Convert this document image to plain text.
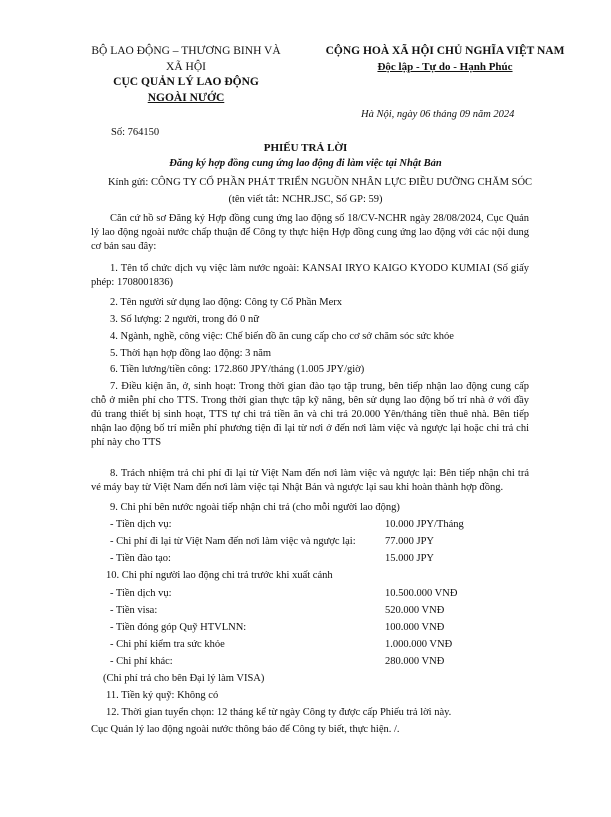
BỘ LAO ĐỘNG – THƯƠNG BINH VÀ
XÃ HỘI
CỤC QUẢN LÝ LAO ĐỘNG
NGOÀI NƯỚC
Số: 764150
CỘNG HOÀ XÃ HỘI CHỦ NGHĨA VIỆT NAM
Độc lập - Tự do - Hạnh Phúc
Hà Nội, ngày 06 tháng 09 năm 2024
PHIẾU TRẢ LỜI
Đăng ký hợp đồng cung ứng lao động đi làm việc tại Nhật Bản
Kính gửi: CÔNG TY CỔ PHẦN PHÁT TRIỂN NGUỒN NHÂN LỰC ĐIỀU DƯỠNG CHĂM SÓC
(tên viết tắt: NCHR.JSC, Số GP: 59)
Căn cứ hồ sơ Đăng ký Hợp đồng cung ứng lao động số 18/CV-NCHR ngày 28/08/2024, Cục Quản lý lao động ngoài nước chấp thuận để Công ty thực hiện Hợp đồng cung ứng lao động với các nội dung cơ bản sau đây:
1. Tên tổ chức dịch vụ việc làm nước ngoài: KANSAI IRYO KAIGO KYODO KUMIAI (Số giấy phép: 1708001836)
2. Tên người sử dụng lao động: Công ty Cổ Phần Merx
3. Số lượng: 2 người, trong đó 0 nữ
4. Ngành, nghề, công việc: Chế biến đồ ăn cung cấp cho cơ sở chăm sóc sức khỏe
5. Thời hạn hợp đồng lao động: 3 năm
6. Tiền lương/tiền công: 172.860 JPY/tháng (1.005 JPY/giờ)
7. Điều kiện ăn, ở, sinh hoạt: Trong thời gian đào tạo tập trung, bên tiếp nhận lao động cung cấp chỗ ở miễn phí cho TTS. Trong thời gian thực tập kỹ năng, bên sử dụng lao động bố trí nhà ở với đầy đủ trang thiết bị sinh hoạt, TTS tự chi trả tiền ăn và chi trả 20.000 Yên/tháng tiền thuê nhà. Bên tiếp nhận lao động bố trí miễn phí phương tiện đi lại từ nơi ở đến nơi làm việc và ngược lại hoặc chi trả chi phí này cho TTS
8. Trách nhiệm trả chi phí đi lại từ Việt Nam đến nơi làm việc và ngược lại: Bên tiếp nhận chi trả vé máy bay từ Việt Nam đến nơi làm việc tại Nhật Bản và ngược lại sau khi hoàn thành hợp đồng.
9. Chi phí bên nước ngoài tiếp nhận chi trả (cho mỗi người lao động)
- Tiền dịch vụ:	10.000 JPY/Tháng
- Chi phí đi lại từ Việt Nam đến nơi làm việc và ngược lại:	77.000 JPY
- Tiền đào tạo:	15.000 JPY
10. Chi phí người lao động chi trả trước khi xuất cảnh
- Tiền dịch vụ:	10.500.000 VNĐ
- Tiền visa:	520.000 VNĐ
- Tiền đóng góp Quỹ HTVLNN:	100.000 VNĐ
- Chi phí kiểm tra sức khỏe	1.000.000 VNĐ
- Chi phí khác:	280.000 VNĐ
(Chi phí trả cho bên Đại lý làm VISA)
11. Tiền ký quỹ: Không có
12. Thời gian tuyển chọn: 12 tháng kể từ ngày Công ty được cấp Phiếu trả lời này.
Cục Quản lý lao động ngoài nước thông báo để Công ty biết, thực hiện. /.
